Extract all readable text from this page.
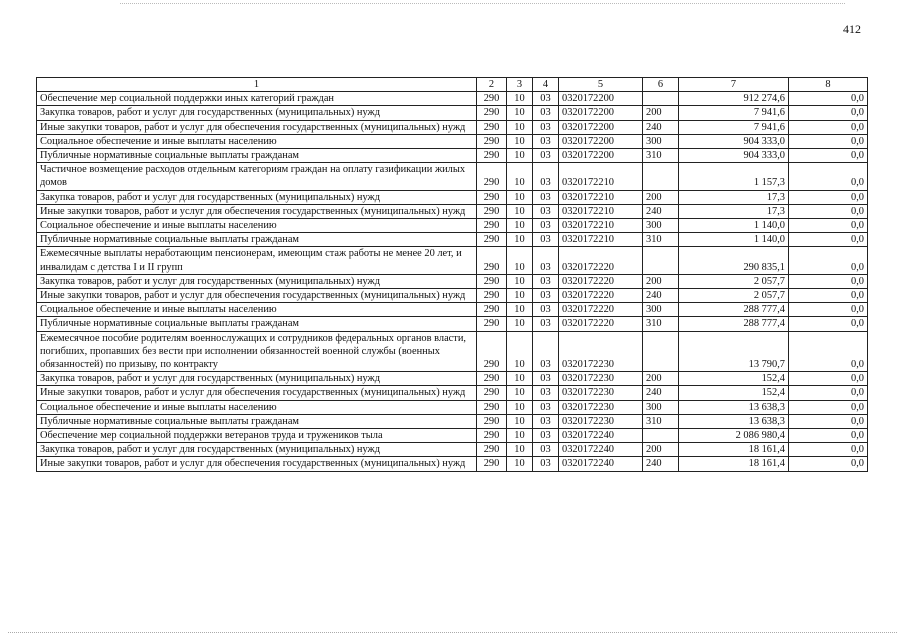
412
1	2	3	4	5	6	7	8
Обеспечение мер социальной поддержки иных категорий граждан	290	10	03	0320172200		912 274,6	0,0
Закупка товаров, работ и услуг для государственных (муниципальных) нужд	290	10	03	0320172200	200	7 941,6	0,0
Иные закупки товаров, работ и услуг для обеспечения государственных (муниципальных) нужд	290	10	03	0320172200	240	7 941,6	0,0
Социальное обеспечение и иные выплаты населению	290	10	03	0320172200	300	904 333,0	0,0
Публичные нормативные социальные выплаты гражданам	290	10	03	0320172200	310	904 333,0	0,0
Частичное возмещение расходов отдельным категориям граждан на оплату газификации жилых домов	290	10	03	0320172210		1 157,3	0,0
Закупка товаров, работ и услуг для государственных (муниципальных) нужд	290	10	03	0320172210	200	17,3	0,0
Иные закупки товаров, работ и услуг для обеспечения государственных (муниципальных) нужд	290	10	03	0320172210	240	17,3	0,0
Социальное обеспечение и иные выплаты населению	290	10	03	0320172210	300	1 140,0	0,0
Публичные нормативные социальные выплаты гражданам	290	10	03	0320172210	310	1 140,0	0,0
Ежемесячные выплаты неработающим пенсионерам, имеющим стаж работы не менее 20 лет, и инвалидам с детства I и II групп	290	10	03	0320172220		290 835,1	0,0
Закупка товаров, работ и услуг для государственных (муниципальных) нужд	290	10	03	0320172220	200	2 057,7	0,0
Иные закупки товаров, работ и услуг для обеспечения государственных (муниципальных) нужд	290	10	03	0320172220	240	2 057,7	0,0
Социальное обеспечение и иные выплаты населению	290	10	03	0320172220	300	288 777,4	0,0
Публичные нормативные социальные выплаты гражданам	290	10	03	0320172220	310	288 777,4	0,0
Ежемесячное пособие родителям военнослужащих и сотрудников федеральных органов власти, погибших, пропавших без вести при исполнении обязанностей военной службы (военных обязанностей) по призыву, по контракту	290	10	03	0320172230		13 790,7	0,0
Закупка товаров, работ и услуг для государственных (муниципальных) нужд	290	10	03	0320172230	200	152,4	0,0
Иные закупки товаров, работ и услуг для обеспечения государственных (муниципальных) нужд	290	10	03	0320172230	240	152,4	0,0
Социальное обеспечение и иные выплаты населению	290	10	03	0320172230	300	13 638,3	0,0
Публичные нормативные социальные выплаты гражданам	290	10	03	0320172230	310	13 638,3	0,0
Обеспечение мер социальной поддержки ветеранов труда и тружеников тыла	290	10	03	0320172240		2 086 980,4	0,0
Закупка товаров, работ и услуг для государственных (муниципальных) нужд	290	10	03	0320172240	200	18 161,4	0,0
Иные закупки товаров, работ и услуг для обеспечения государственных (муниципальных) нужд	290	10	03	0320172240	240	18 161,4	0,0
